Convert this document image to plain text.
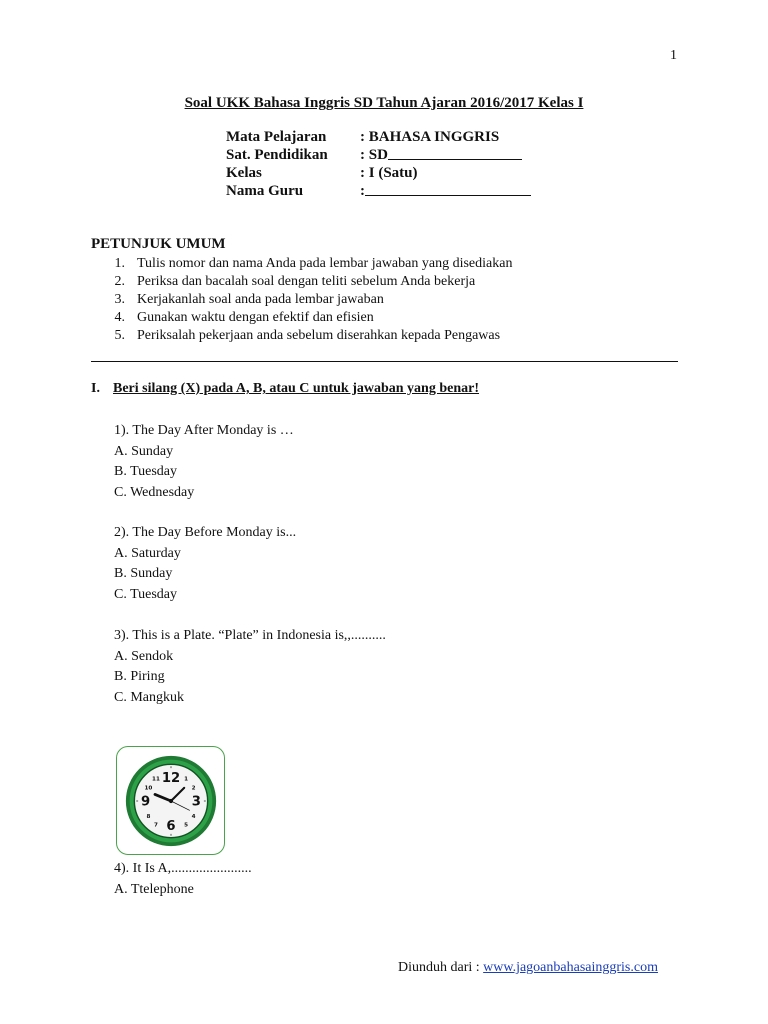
1
Soal UKK Bahasa Inggris SD Tahun Ajaran 2016/2017 Kelas I
Mata Pelajaran	: BAHASA INGGRIS
Sat. Pendidikan	: SD
Kelas	: I (Satu)
Nama Guru	:
PETUNJUK UMUM
1. Tulis nomor dan nama Anda pada lembar jawaban yang disediakan
2. Periksa dan bacalah soal dengan teliti sebelum Anda bekerja
3. Kerjakanlah soal anda pada lembar jawaban
4. Gunakan waktu dengan efektif dan efisien
5. Periksalah pekerjaan anda sebelum diserahkan kepada Pengawas
I. Beri silang (X) pada A, B, atau C untuk jawaban yang benar!
1). The Day After Monday is …
A. Sunday
B. Tuesday
C. Wednesday
2). The Day Before Monday is...
A. Saturday
B. Sunday
C. Tuesday
3). This is a Plate. “Plate” in Indonesia is,,..........
A. Sendok
B. Piring
C. Mangkuk
12
3
6
9
1
2
4
5
7
8
10
11
4). It Is A,.......................
A. Ttelephone
Diunduh dari : www.jagoanbahasainggris.com
